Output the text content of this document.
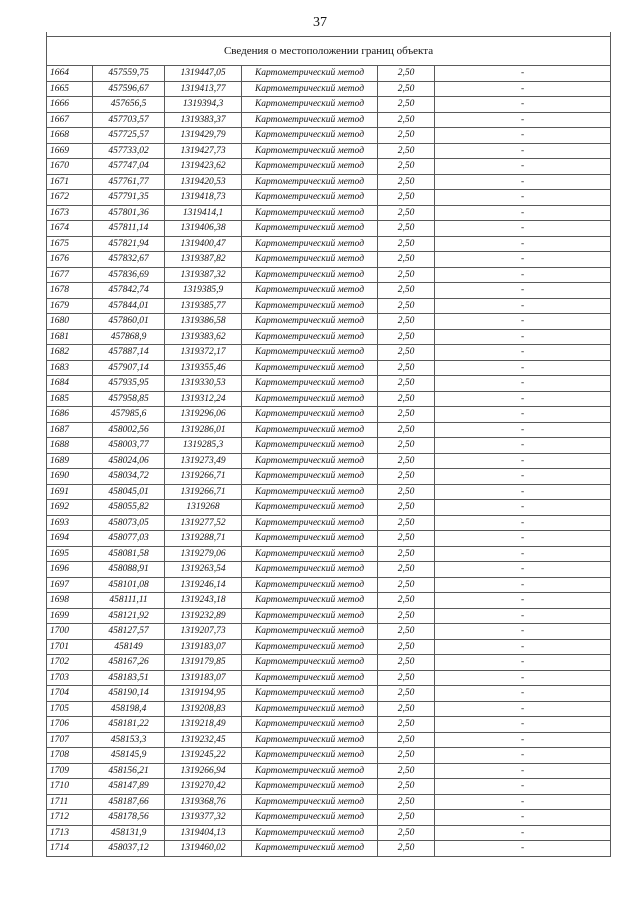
37

Сведения о местоположении границ объекта					
1664	457559,75	1319447,05	Картометрический метод	2,50	-
1665	457596,67	1319413,77	Картометрический метод	2,50	-
1666	457656,5	1319394,3	Картометрический метод	2,50	-
1667	457703,57	1319383,37	Картометрический метод	2,50	-
1668	457725,57	1319429,79	Картометрический метод	2,50	-
1669	457733,02	1319427,73	Картометрический метод	2,50	-
1670	457747,04	1319423,62	Картометрический метод	2,50	-
1671	457761,77	1319420,53	Картометрический метод	2,50	-
1672	457791,35	1319418,73	Картометрический метод	2,50	-
1673	457801,36	1319414,1	Картометрический метод	2,50	-
1674	457811,14	1319406,38	Картометрический метод	2,50	-
1675	457821,94	1319400,47	Картометрический метод	2,50	-
1676	457832,67	1319387,82	Картометрический метод	2,50	-
1677	457836,69	1319387,32	Картометрический метод	2,50	-
1678	457842,74	1319385,9	Картометрический метод	2,50	-
1679	457844,01	1319385,77	Картометрический метод	2,50	-
1680	457860,01	1319386,58	Картометрический метод	2,50	-
1681	457868,9	1319383,62	Картометрический метод	2,50	-
1682	457887,14	1319372,17	Картометрический метод	2,50	-
1683	457907,14	1319355,46	Картометрический метод	2,50	-
1684	457935,95	1319330,53	Картометрический метод	2,50	-
1685	457958,85	1319312,24	Картометрический метод	2,50	-
1686	457985,6	1319296,06	Картометрический метод	2,50	-
1687	458002,56	1319286,01	Картометрический метод	2,50	-
1688	458003,77	1319285,3	Картометрический метод	2,50	-
1689	458024,06	1319273,49	Картометрический метод	2,50	-
1690	458034,72	1319266,71	Картометрический метод	2,50	-
1691	458045,01	1319266,71	Картометрический метод	2,50	-
1692	458055,82	1319268	Картометрический метод	2,50	-
1693	458073,05	1319277,52	Картометрический метод	2,50	-
1694	458077,03	1319288,71	Картометрический метод	2,50	-
1695	458081,58	1319279,06	Картометрический метод	2,50	-
1696	458088,91	1319263,54	Картометрический метод	2,50	-
1697	458101,08	1319246,14	Картометрический метод	2,50	-
1698	458111,11	1319243,18	Картометрический метод	2,50	-
1699	458121,92	1319232,89	Картометрический метод	2,50	-
1700	458127,57	1319207,73	Картометрический метод	2,50	-
1701	458149	1319183,07	Картометрический метод	2,50	-
1702	458167,26	1319179,85	Картометрический метод	2,50	-
1703	458183,51	1319183,07	Картометрический метод	2,50	-
1704	458190,14	1319194,95	Картометрический метод	2,50	-
1705	458198,4	1319208,83	Картометрический метод	2,50	-
1706	458181,22	1319218,49	Картометрический метод	2,50	-
1707	458153,3	1319232,45	Картометрический метод	2,50	-
1708	458145,9	1319245,22	Картометрический метод	2,50	-
1709	458156,21	1319266,94	Картометрический метод	2,50	-
1710	458147,89	1319270,42	Картометрический метод	2,50	-
1711	458187,66	1319368,76	Картометрический метод	2,50	-
1712	458178,56	1319377,32	Картометрический метод	2,50	-
1713	458131,9	1319404,13	Картометрический метод	2,50	-
1714	458037,12	1319460,02	Картометрический метод	2,50	-
